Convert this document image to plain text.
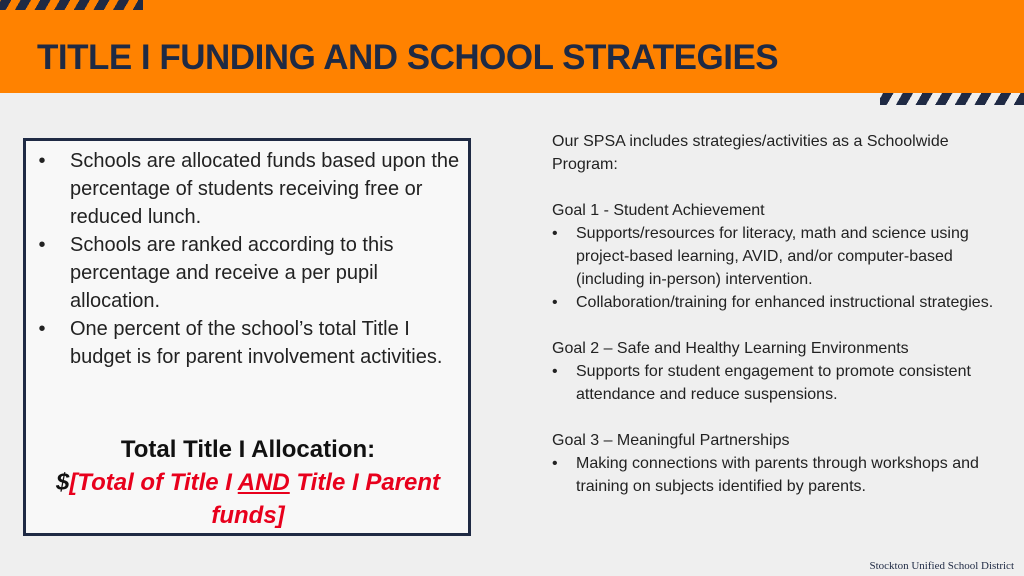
TITLE I FUNDING AND SCHOOL STRATEGIES
•	Schools are allocated funds based upon the percentage of students receiving free or reduced lunch.
•	Schools are ranked according to this percentage and receive a per pupil allocation.
•	One percent of the school’s total Title I budget is for parent involvement activities.
Total Title I Allocation:
$[Total of Title I AND Title I Parent
funds]

Our SPSA includes strategies/activities as a Schoolwide Program:

Goal 1 - Student Achievement

• Supports/resources for literacy, math and science using project-based learning, AVID, and/or computer-based (including in-person) intervention.
• Collaboration/training for enhanced instructional strategies.

Goal 2 – Safe and Healthy Learning Environments

• Supports for student engagement to promote consistent attendance and reduce suspensions.

Goal 3 – Meaningful Partnerships

• Making connections with parents through workshops and training on subjects identified by parents.
Stockton Unified School District
